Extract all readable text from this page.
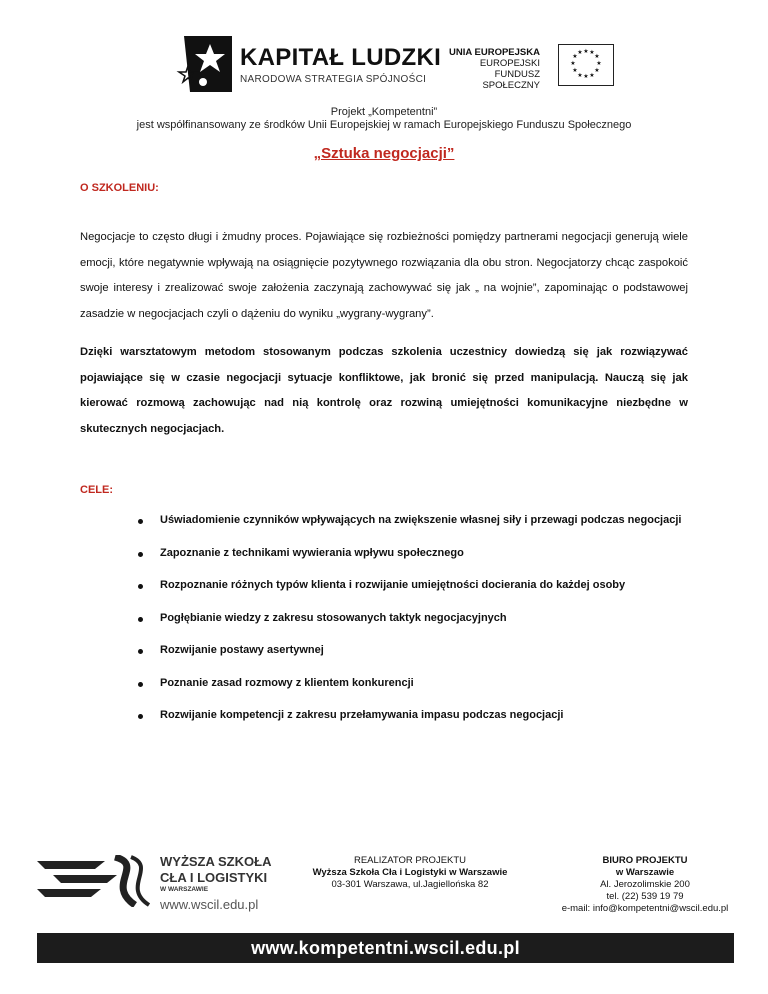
KAPITAŁ LUDZKI
NARODOWA STRATEGIA SPÓJNOŚCI
UNIA EUROPEJSKA
EUROPEJSKI
FUNDUSZ SPOŁECZNY
★ ★
★
★
★
★
★
★
★
★
★
★
Projekt „Kompetentni”
jest współfinansowany ze środków Unii Europejskiej w ramach Europejskiego Funduszu Społecznego
„Sztuka negocjacji”
O SZKOLENIU:
Negocjacje to często długi i żmudny proces. Pojawiające się rozbieżności pomiędzy partnerami negocjacji generują wiele emocji, które negatywnie wpływają na osiągnięcie pozytywnego rozwiązania dla obu stron. Negocjatorzy chcąc zaspokoić swoje interesy i zrealizować swoje założenia zaczynają zachowywać się jak „ na wojnie”, zapominając o podstawowej zasadzie w negocjacjach czyli o dążeniu do wyniku „wygrany-wygrany”.
Dzięki warsztatowym metodom stosowanym podczas szkolenia uczestnicy dowiedzą się jak rozwiązywać pojawiające się w czasie negocjacji sytuacje konfliktowe, jak bronić się przed manipulacją. Nauczą się jak kierować rozmową zachowując nad nią kontrolę oraz rozwiną umiejętności komunikacyjne niezbędne w skutecznych negocjacjach.
CELE:
Uświadomienie czynników wpływających na zwiększenie własnej siły i przewagi podczas negocjacji
Zapoznanie z technikami wywierania wpływu społecznego
Rozpoznanie różnych typów klienta i rozwijanie umiejętności docierania do każdej osoby
Pogłębianie wiedzy z zakresu stosowanych taktyk negocjacyjnych
Rozwijanie postawy asertywnej
Poznanie zasad rozmowy z klientem konkurencji
Rozwijanie kompetencji z zakresu przełamywania impasu podczas negocjacji
WYŻSZA SZKOŁA
CŁA I LOGISTYKI
W WARSZAWIE
www.wscil.edu.pl
REALIZATOR PROJEKTU
Wyższa Szkoła Cła i Logistyki w Warszawie
03-301 Warszawa, ul.Jagiellońska 82
BIURO PROJEKTU
w Warszawie
Al. Jerozolimskie 200
tel. (22) 539 19 79
e-mail: info@kompetentni@wscil.edu.pl
www.kompetentni.wscil.edu.pl
